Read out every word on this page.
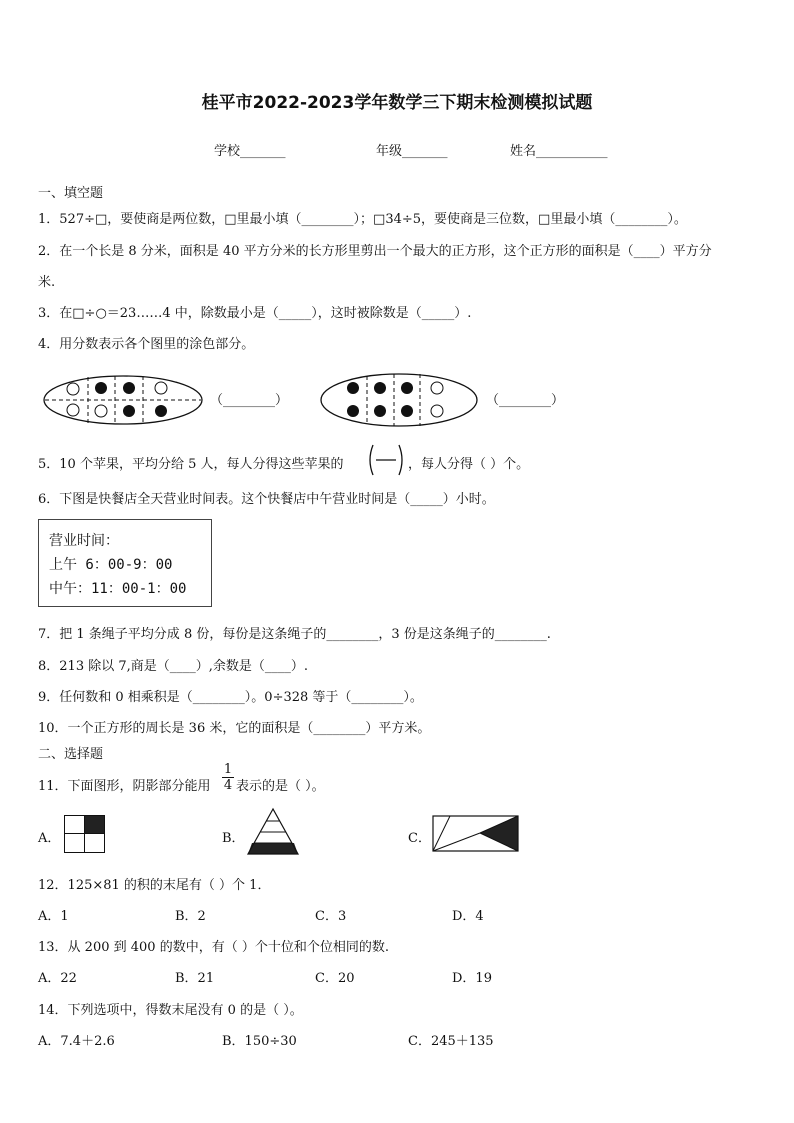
桂平市2022-2023学年数学三下期末检测模拟试题
学校_______	年级_______	姓名___________
一、填空题
1．527÷□，要使商是两位数，□里最小填（________）；□34÷5，要使商是三位数，□里最小填（________）。
2．在一个长是 8 分米，面积是 40 平方分米的长方形里剪出一个最大的正方形，这个正方形的面积是（____）平方分
米.
3．在□÷○＝23……4 中，除数最小是（_____），这时被除数是（_____）.
4．用分数表示各个图里的涂色部分。
（________）	（________）
5．10 个苹果，平均分给 5 人，每人分得这些苹果的	，每人分得（ ）个。
6．下图是快餐店全天营业时间表。这个快餐店中午营业时间是（_____）小时。
营业时间：
上午 6：00-9：00
中午：11：00-1：00
7．把 1 条绳子平均分成 8 份，每份是这条绳子的________，3 份是这条绳子的________.
8．213 除以 7,商是（____）,余数是（____）.
9．任何数和 0 相乘积是（________）。0÷328 等于（________）。
10．一个正方形的周长是 36 米，它的面积是（________）平方米。
二、选择题
11．下面图形，阴影部分能用 $\frac{1}{4}$ 表示的是（ ）。
A．	B．	C．
12．125×81 的积的末尾有（ ）个 1．
A．1	B．2	C．3	D．4
13．从 200 到 400 的数中，有（ ）个十位和个位相同的数.
A．22	B．21	C．20	D．19
14．下列选项中，得数末尾没有 0 的是（ ）。
A．7.4＋2.6	B．150÷30	C．245＋135
